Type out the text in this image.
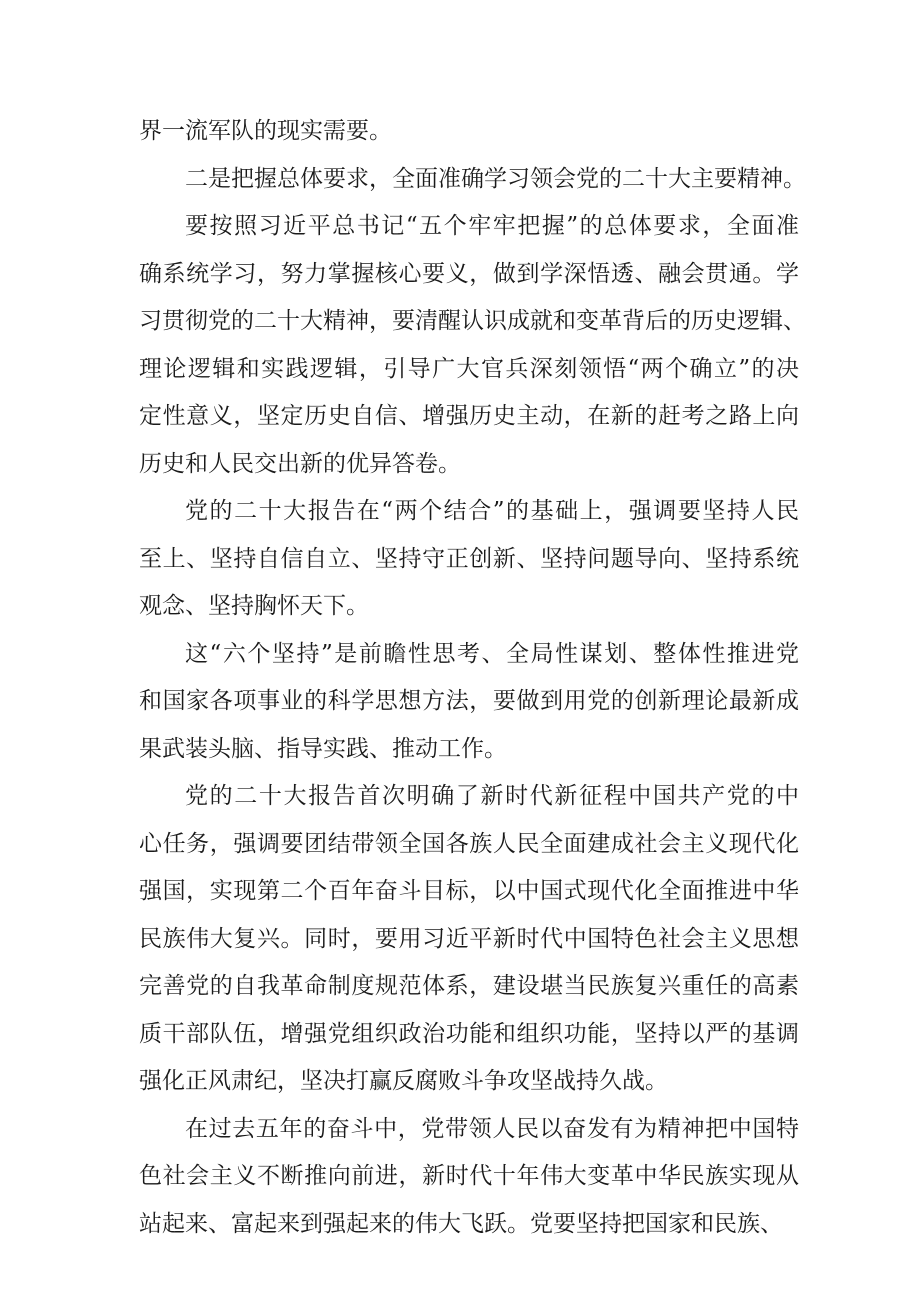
界一流军队的现实需要。

二是把握总体要求，全面准确学习领会党的二十大主要精神。

要按照习近平总书记“五个牢牢把握”的总体要求，全面准
确系统学习，努力掌握核心要义，做到学深悟透、融会贯通。学
习贯彻党的二十大精神，要清醒认识成就和变革背后的历史逻辑、
理论逻辑和实践逻辑，引导广大官兵深刻领悟“两个确立”的决
定性意义，坚定历史自信、增强历史主动，在新的赶考之路上向
历史和人民交出新的优异答卷。

党的二十大报告在“两个结合”的基础上，强调要坚持人民
至上、坚持自信自立、坚持守正创新、坚持问题导向、坚持系统
观念、坚持胸怀天下。

这“六个坚持”是前瞻性思考、全局性谋划、整体性推进党
和国家各项事业的科学思想方法，要做到用党的创新理论最新成
果武装头脑、指导实践、推动工作。

党的二十大报告首次明确了新时代新征程中国共产党的中
心任务，强调要团结带领全国各族人民全面建成社会主义现代化
强国，实现第二个百年奋斗目标，以中国式现代化全面推进中华
民族伟大复兴。同时，要用习近平新时代中国特色社会主义思想
完善党的自我革命制度规范体系，建设堪当民族复兴重任的高素
质干部队伍，增强党组织政治功能和组织功能，坚持以严的基调
强化正风肃纪，坚决打赢反腐败斗争攻坚战持久战。

在过去五年的奋斗中，党带领人民以奋发有为精神把中国特
色社会主义不断推向前进，新时代十年伟大变革中华民族实现从
站起来、富起来到强起来的伟大飞跃。党要坚持把国家和民族、
